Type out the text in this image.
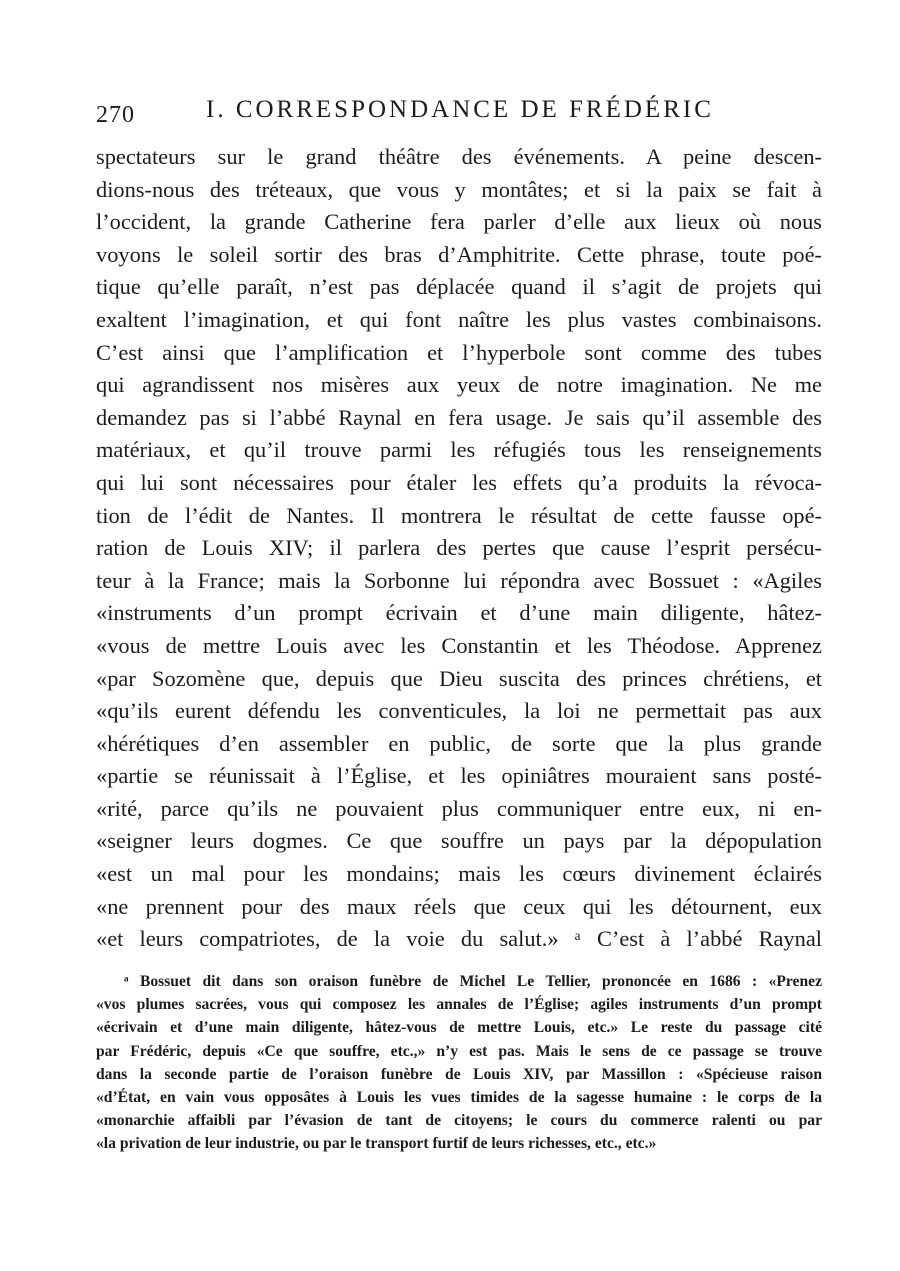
270	I. CORRESPONDANCE DE FRÉDÉRIC
spectateurs sur le grand théâtre des événements. A peine descen-
dions-nous des tréteaux, que vous y montâtes; et si la paix se fait à
l’occident, la grande Catherine fera parler d’elle aux lieux où nous
voyons le soleil sortir des bras d’Amphitrite. Cette phrase, toute poé-
tique qu’elle paraît, n’est pas déplacée quand il s’agit de projets qui
exaltent l’imagination, et qui font naître les plus vastes combinaisons.
C’est ainsi que l’amplification et l’hyperbole sont comme des tubes
qui agrandissent nos misères aux yeux de notre imagination. Ne me
demandez pas si l’abbé Raynal en fera usage. Je sais qu’il assemble des
matériaux, et qu’il trouve parmi les réfugiés tous les renseignements
qui lui sont nécessaires pour étaler les effets qu’a produits la révoca-
tion de l’édit de Nantes. Il montrera le résultat de cette fausse opé-
ration de Louis XIV; il parlera des pertes que cause l’esprit persécu-
teur à la France; mais la Sorbonne lui répondra avec Bossuet : «Agiles
«instruments d’un prompt écrivain et d’une main diligente, hâtez-
«vous de mettre Louis avec les Constantin et les Théodose. Apprenez
«par Sozomène que, depuis que Dieu suscita des princes chrétiens, et
«qu’ils eurent défendu les conventicules, la loi ne permettait pas aux
«hérétiques d’en assembler en public, de sorte que la plus grande
«partie se réunissait à l’Église, et les opiniâtres mouraient sans posté-
«rité, parce qu’ils ne pouvaient plus communiquer entre eux, ni en-
«seigner leurs dogmes. Ce que souffre un pays par la dépopulation
«est un mal pour les mondains; mais les cœurs divinement éclairés
«ne prennent pour des maux réels que ceux qui les détournent, eux
«et leurs compatriotes, de la voie du salut.» ᵃ C’est à l’abbé Raynal
ᵃ Bossuet dit dans son oraison funèbre de Michel Le Tellier, prononcée en 1686 : «Prenez
«vos plumes sacrées, vous qui composez les annales de l’Église; agiles instruments d’un prompt
«écrivain et d’une main diligente, hâtez-vous de mettre Louis, etc.» Le reste du passage cité
par Frédéric, depuis «Ce que souffre, etc.,» n’y est pas. Mais le sens de ce passage se trouve
dans la seconde partie de l’oraison funèbre de Louis XIV, par Massillon : «Spécieuse raison
«d’État, en vain vous opposâtes à Louis les vues timides de la sagesse humaine : le corps de la
«monarchie affaibli par l’évasion de tant de citoyens; le cours du commerce ralenti ou par
«la privation de leur industrie, ou par le transport furtif de leurs richesses, etc., etc.»
